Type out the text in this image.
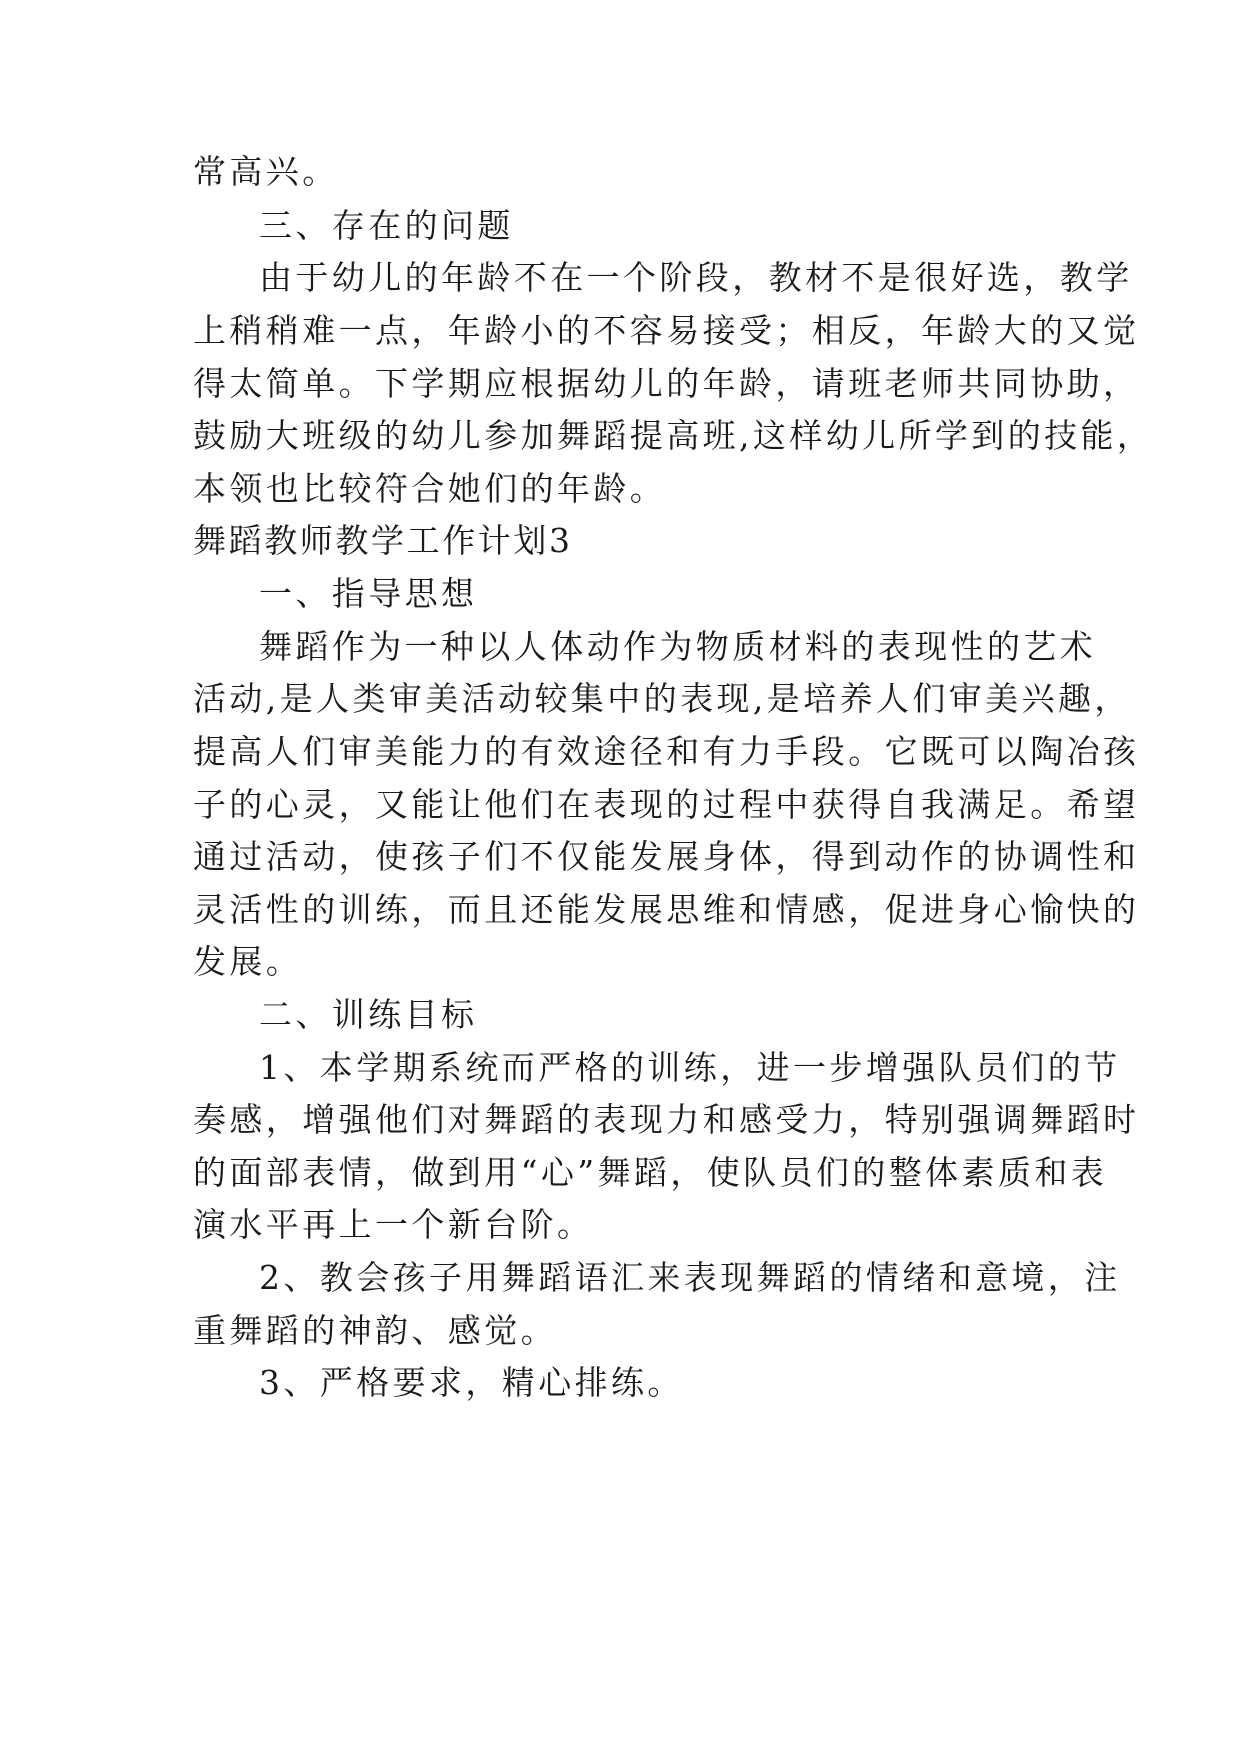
常高兴。

三、存在的问题

由于幼儿的年龄不在一个阶段，教材不是很好选，教学

上稍稍难一点，年龄小的不容易接受；相反，年龄大的又觉

得太简单。下学期应根据幼儿的年龄，请班老师共同协助，

鼓励大班级的幼儿参加舞蹈提高班,这样幼儿所学到的技能，

本领也比较符合她们的年龄。

舞蹈教师教学工作计划3

一、指导思想

舞蹈作为一种以人体动作为物质材料的表现性的艺术

活动,是人类审美活动较集中的表现,是培养人们审美兴趣，

提高人们审美能力的有效途径和有力手段。它既可以陶冶孩

子的心灵，又能让他们在表现的过程中获得自我满足。希望

通过活动，使孩子们不仅能发展身体，得到动作的协调性和

灵活性的训练，而且还能发展思维和情感，促进身心愉快的

发展。

二、训练目标

1、本学期系统而严格的训练，进一步增强队员们的节

奏感，增强他们对舞蹈的表现力和感受力，特别强调舞蹈时

的面部表情，做到用“心”舞蹈，使队员们的整体素质和表

演水平再上一个新台阶。

2、教会孩子用舞蹈语汇来表现舞蹈的情绪和意境，注

重舞蹈的神韵、感觉。

3、严格要求，精心排练。
